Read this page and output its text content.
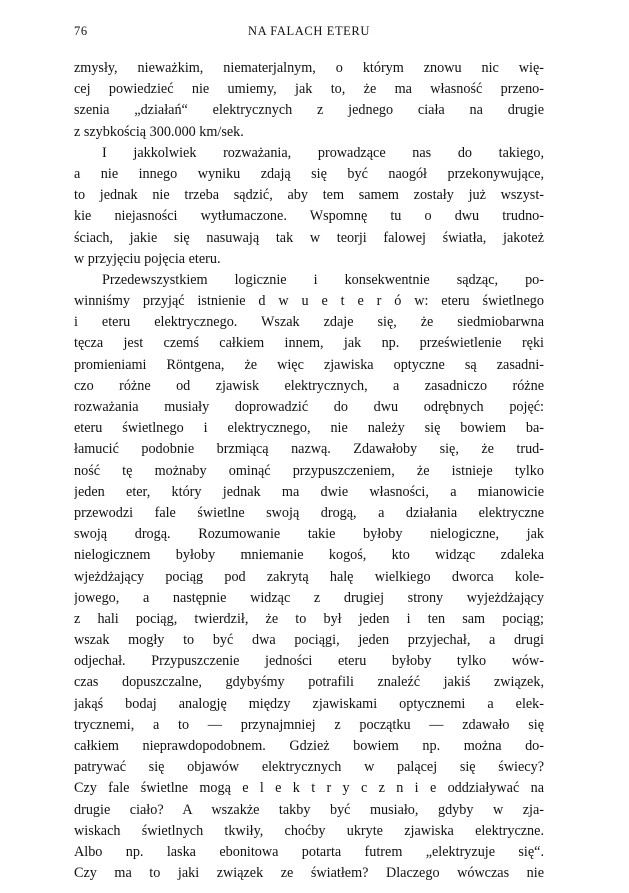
76	NA FALACH ETERU
zmysły, nieważkim, niematerjalnym, o którym znowu nic wię-
cej powiedzieć nie umiemy, jak to, że ma własność przeno-
szenia „działań“ elektrycznych z jednego ciała na drugie
z szybkością 300.000 km/sek.
I jakkolwiek rozważania, prowadzące nas do takiego,
a nie innego wyniku zdają się być naogół przekonywujące,
to jednak nie trzeba sądzić, aby tem samem zostały już wszyst-
kie niejasności wytłumaczone. Wspomnę tu o dwu trudno-
ściach, jakie się nasuwają tak w teorji falowej światła, jakoteż
w przyjęciu pojęcia eteru.
Przedewszystkiem logicznie i konsekwentnie sądząc, po-
winniśmy przyjąć istnienie d w u e t e r ó w: eteru świetlnego
i eteru elektrycznego. Wszak zdaje się, że siedmiobarwna
tęcza jest czemś całkiem innem, jak np. prześwietlenie ręki
promieniami Röntgena, że więc zjawiska optyczne są zasadni-
czo różne od zjawisk elektrycznych, a zasadniczo różne
rozważania musiały doprowadzić do dwu odrębnych pojęć:
eteru świetlnego i elektrycznego, nie należy się bowiem ba-
łamucić podobnie brzmiącą nazwą. Zdawałoby się, że trud-
ność tę możnaby ominąć przypuszczeniem, że istnieje tylko
jeden eter, który jednak ma dwie własności, a mianowicie
przewodzi fale świetlne swoją drogą, a działania elektryczne
swoją drogą. Rozumowanie takie byłoby nielogiczne, jak
nielogicznem byłoby mniemanie kogoś, kto widząc zdaleka
wjeżdżający pociąg pod zakrytą halę wielkiego dworca kole-
jowego, a następnie widząc z drugiej strony wyjeżdżający
z hali pociąg, twierdził, że to był jeden i ten sam pociąg;
wszak mogły to być dwa pociągi, jeden przyjechał, a drugi
odjechał. Przypuszczenie jedności eteru byłoby tylko wów-
czas dopuszczalne, gdybyśmy potrafili znaleźć jakiś związek,
jakąś bodaj analogję między zjawiskami optycznemi a elek-
trycznemi, a to — przynajmniej z początku — zdawało się
całkiem nieprawdopodobnem. Gdzież bowiem np. można do-
patrywać się objawów elektrycznych w palącej się świecy?
Czy fale świetlne mogą e l e k t r y c z n i e oddziaływać na
drugie ciało? A wszakże takby być musiało, gdyby w zja-
wiskach świetlnych tkwiły, choćby ukryte zjawiska elektryczne.
Albo np. laska ebonitowa potarta futrem „elektryzuje się“.
Czy ma to jaki związek ze światłem? Dlaczego wówczas nie
